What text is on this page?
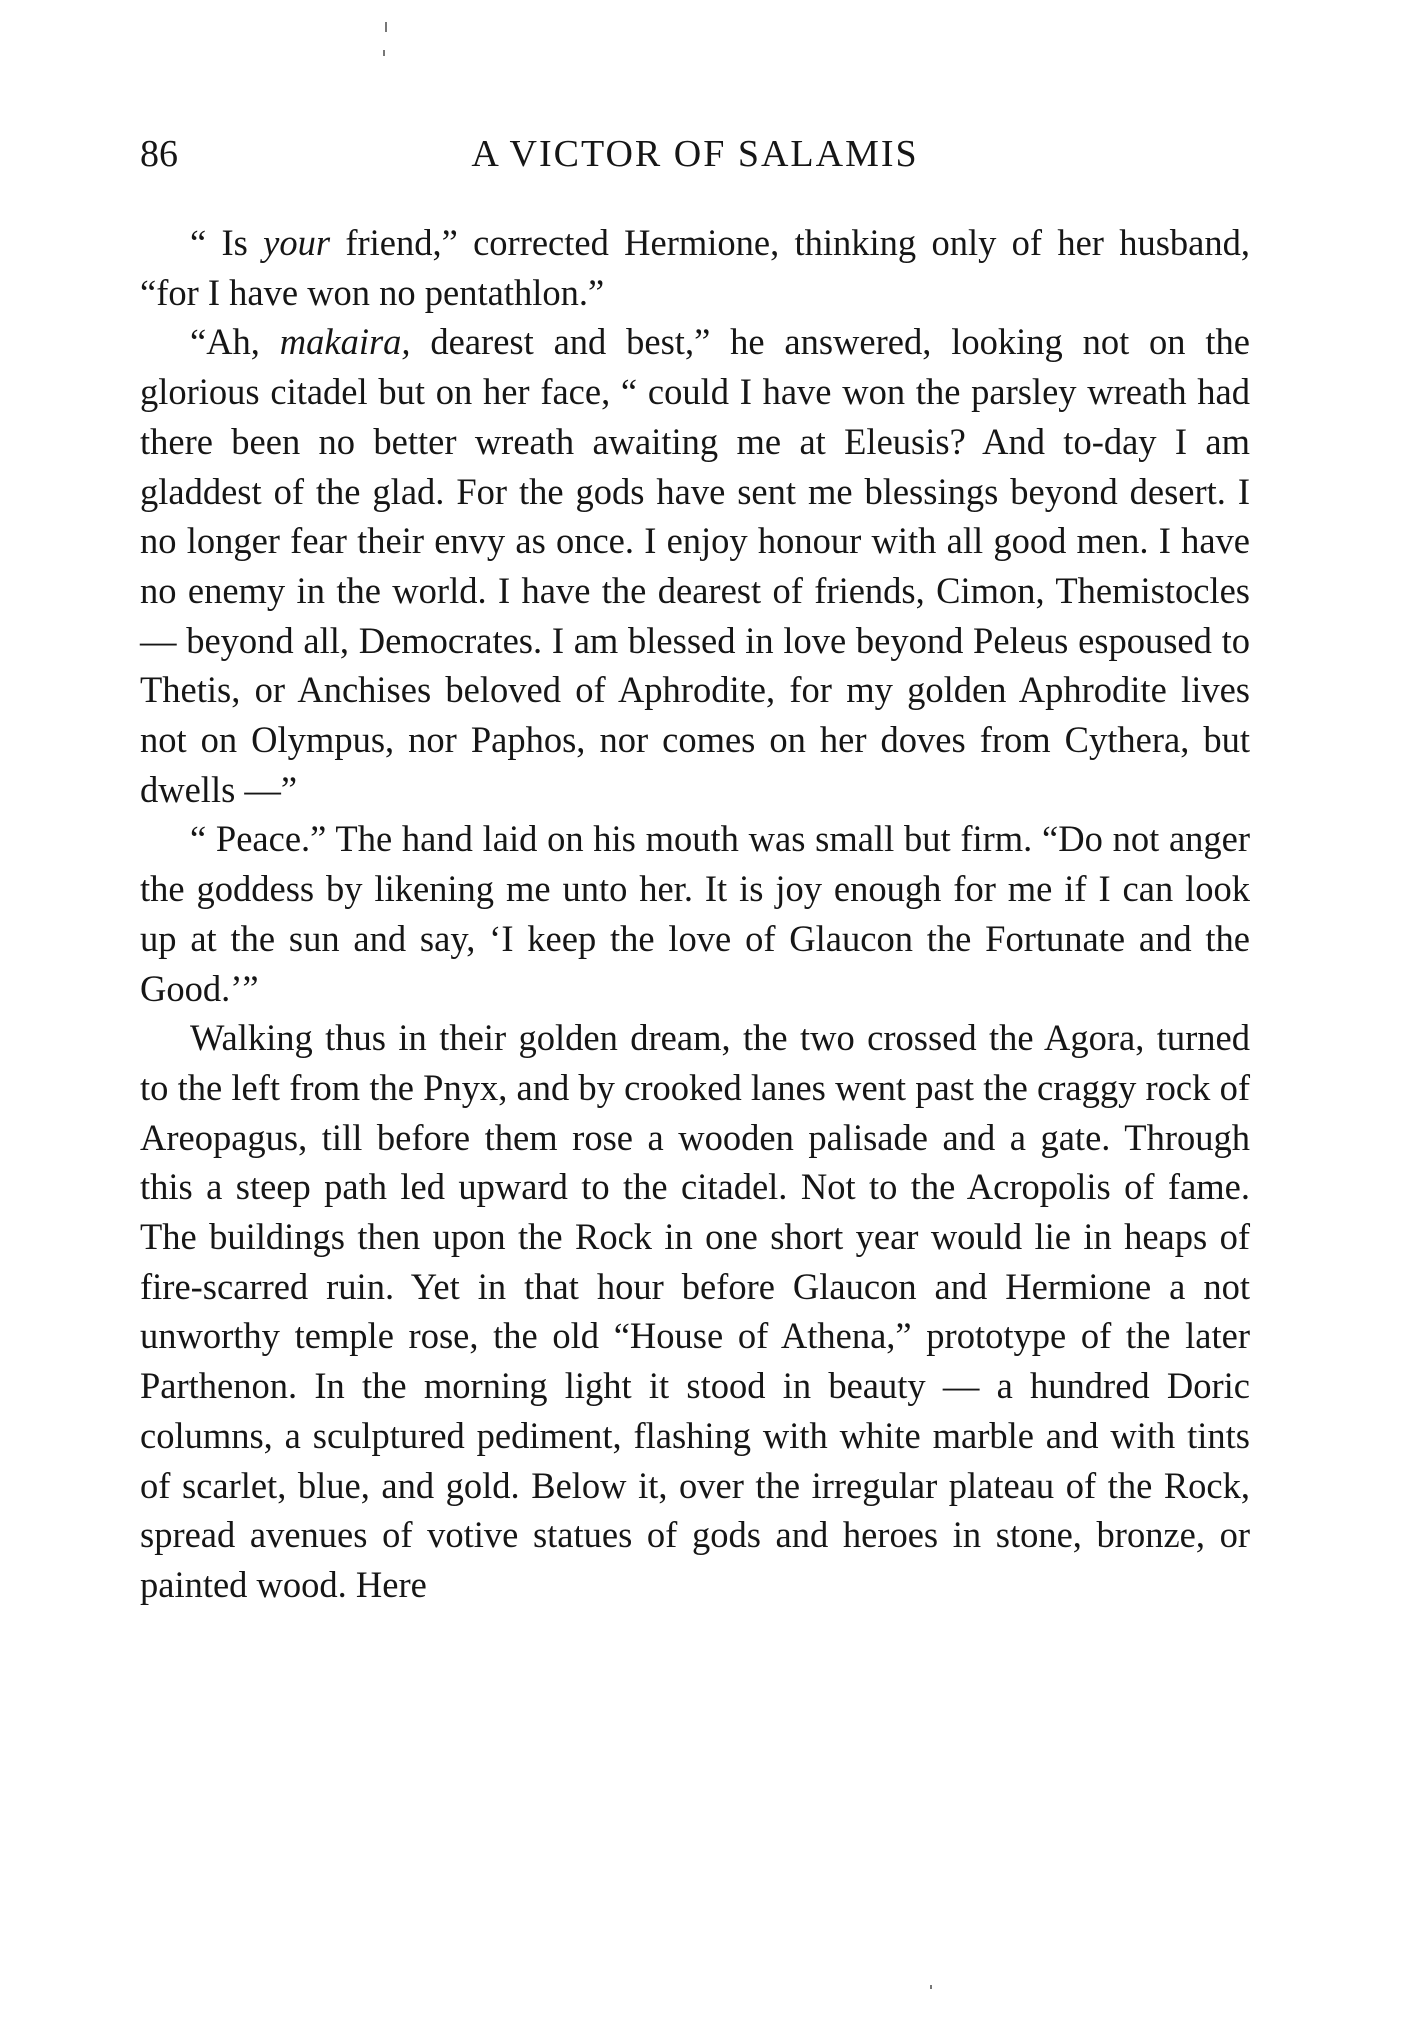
86	A VICTOR OF SALAMIS

“ Is your friend,” corrected Hermione, thinking only of her husband, “for I have won no pentathlon.”

“Ah, makaira, dearest and best,” he answered, looking not on the glorious citadel but on her face, “ could I have won the parsley wreath had there been no better wreath awaiting me at Eleusis? And to-day I am gladdest of the glad. For the gods have sent me blessings beyond desert. I no longer fear their envy as once. I enjoy honour with all good men. I have no enemy in the world. I have the dearest of friends, Cimon, Themistocles — beyond all, Democrates. I am blessed in love beyond Peleus espoused to Thetis, or Anchises beloved of Aphrodite, for my golden Aphrodite lives not on Olympus, nor Paphos, nor comes on her doves from Cythera, but dwells —”

“ Peace.” The hand laid on his mouth was small but firm. “Do not anger the goddess by likening me unto her. It is joy enough for me if I can look up at the sun and say, ‘I keep the love of Glaucon the Fortunate and the Good.’”

Walking thus in their golden dream, the two crossed the Agora, turned to the left from the Pnyx, and by crooked lanes went past the craggy rock of Areopagus, till before them rose a wooden palisade and a gate. Through this a steep path led upward to the citadel. Not to the Acropolis of fame. The buildings then upon the Rock in one short year would lie in heaps of fire-scarred ruin. Yet in that hour before Glaucon and Hermione a not unworthy temple rose, the old “House of Athena,” prototype of the later Parthenon. In the morning light it stood in beauty — a hundred Doric columns, a sculptured pediment, flashing with white marble and with tints of scarlet, blue, and gold. Below it, over the irregular plateau of the Rock, spread avenues of votive statues of gods and heroes in stone, bronze, or painted wood. Here
